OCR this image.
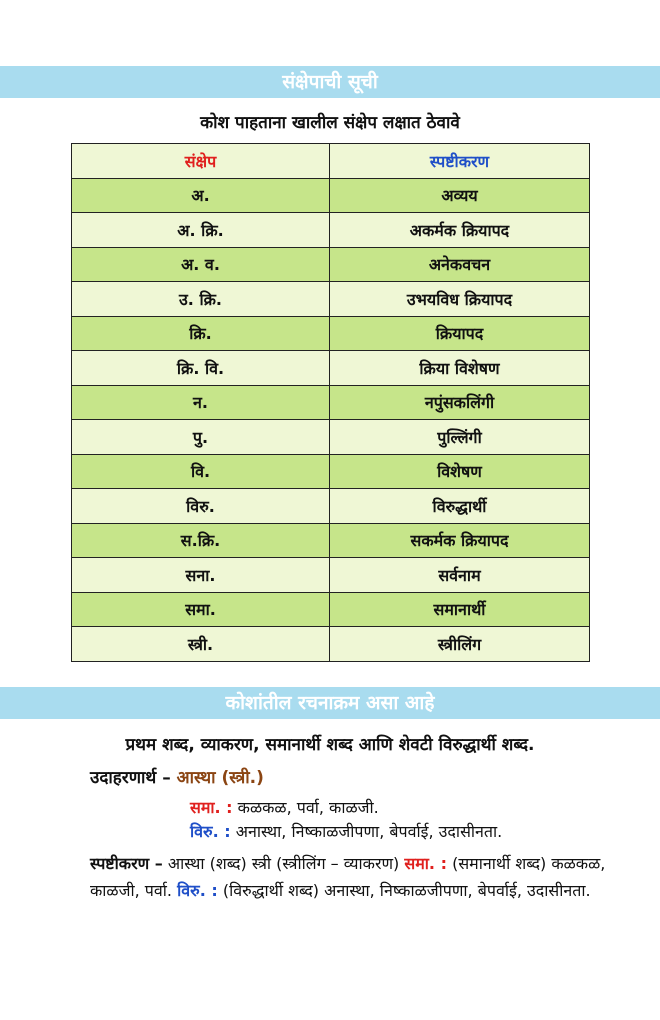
संक्षेपाची सूची
कोश पाहताना खालील संक्षेप लक्षात ठेवावे
संक्षेप	स्पष्टीकरण
अ.	अव्यय
अ. क्रि.	अकर्मक क्रियापद
अ. व.	अनेकवचन
उ. क्रि.	उभयविध क्रियापद
क्रि.	क्रियापद
क्रि. वि.	क्रिया विशेषण
न.	नपुंसकलिंगी
पु.	पुल्लिंगी
वि.	विशेषण
विरु.	विरुद्धार्थी
स.क्रि.	सकर्मक क्रियापद
सना.	सर्वनाम
समा.	समानार्थी
स्त्री.	स्त्रीलिंग
कोशांतील रचनाक्रम असा आहे
प्रथम शब्द, व्याकरण, समानार्थी शब्द आणि शेवटी विरुद्धार्थी शब्द.
उदाहरणार्थ – आस्था (स्त्री.)
समा. : कळकळ, पर्वा, काळजी.
विरु. : अनास्था, निष्काळजीपणा, बेपर्वाई, उदासीनता.
स्पष्टीकरण – आस्था (शब्द) स्त्री (स्त्रीलिंग – व्याकरण) समा. : (समानार्थी शब्द) कळकळ, काळजी, पर्वा. विरु. : (विरुद्धार्थी शब्द) अनास्था, निष्काळजीपणा, बेपर्वाई, उदासीनता.
